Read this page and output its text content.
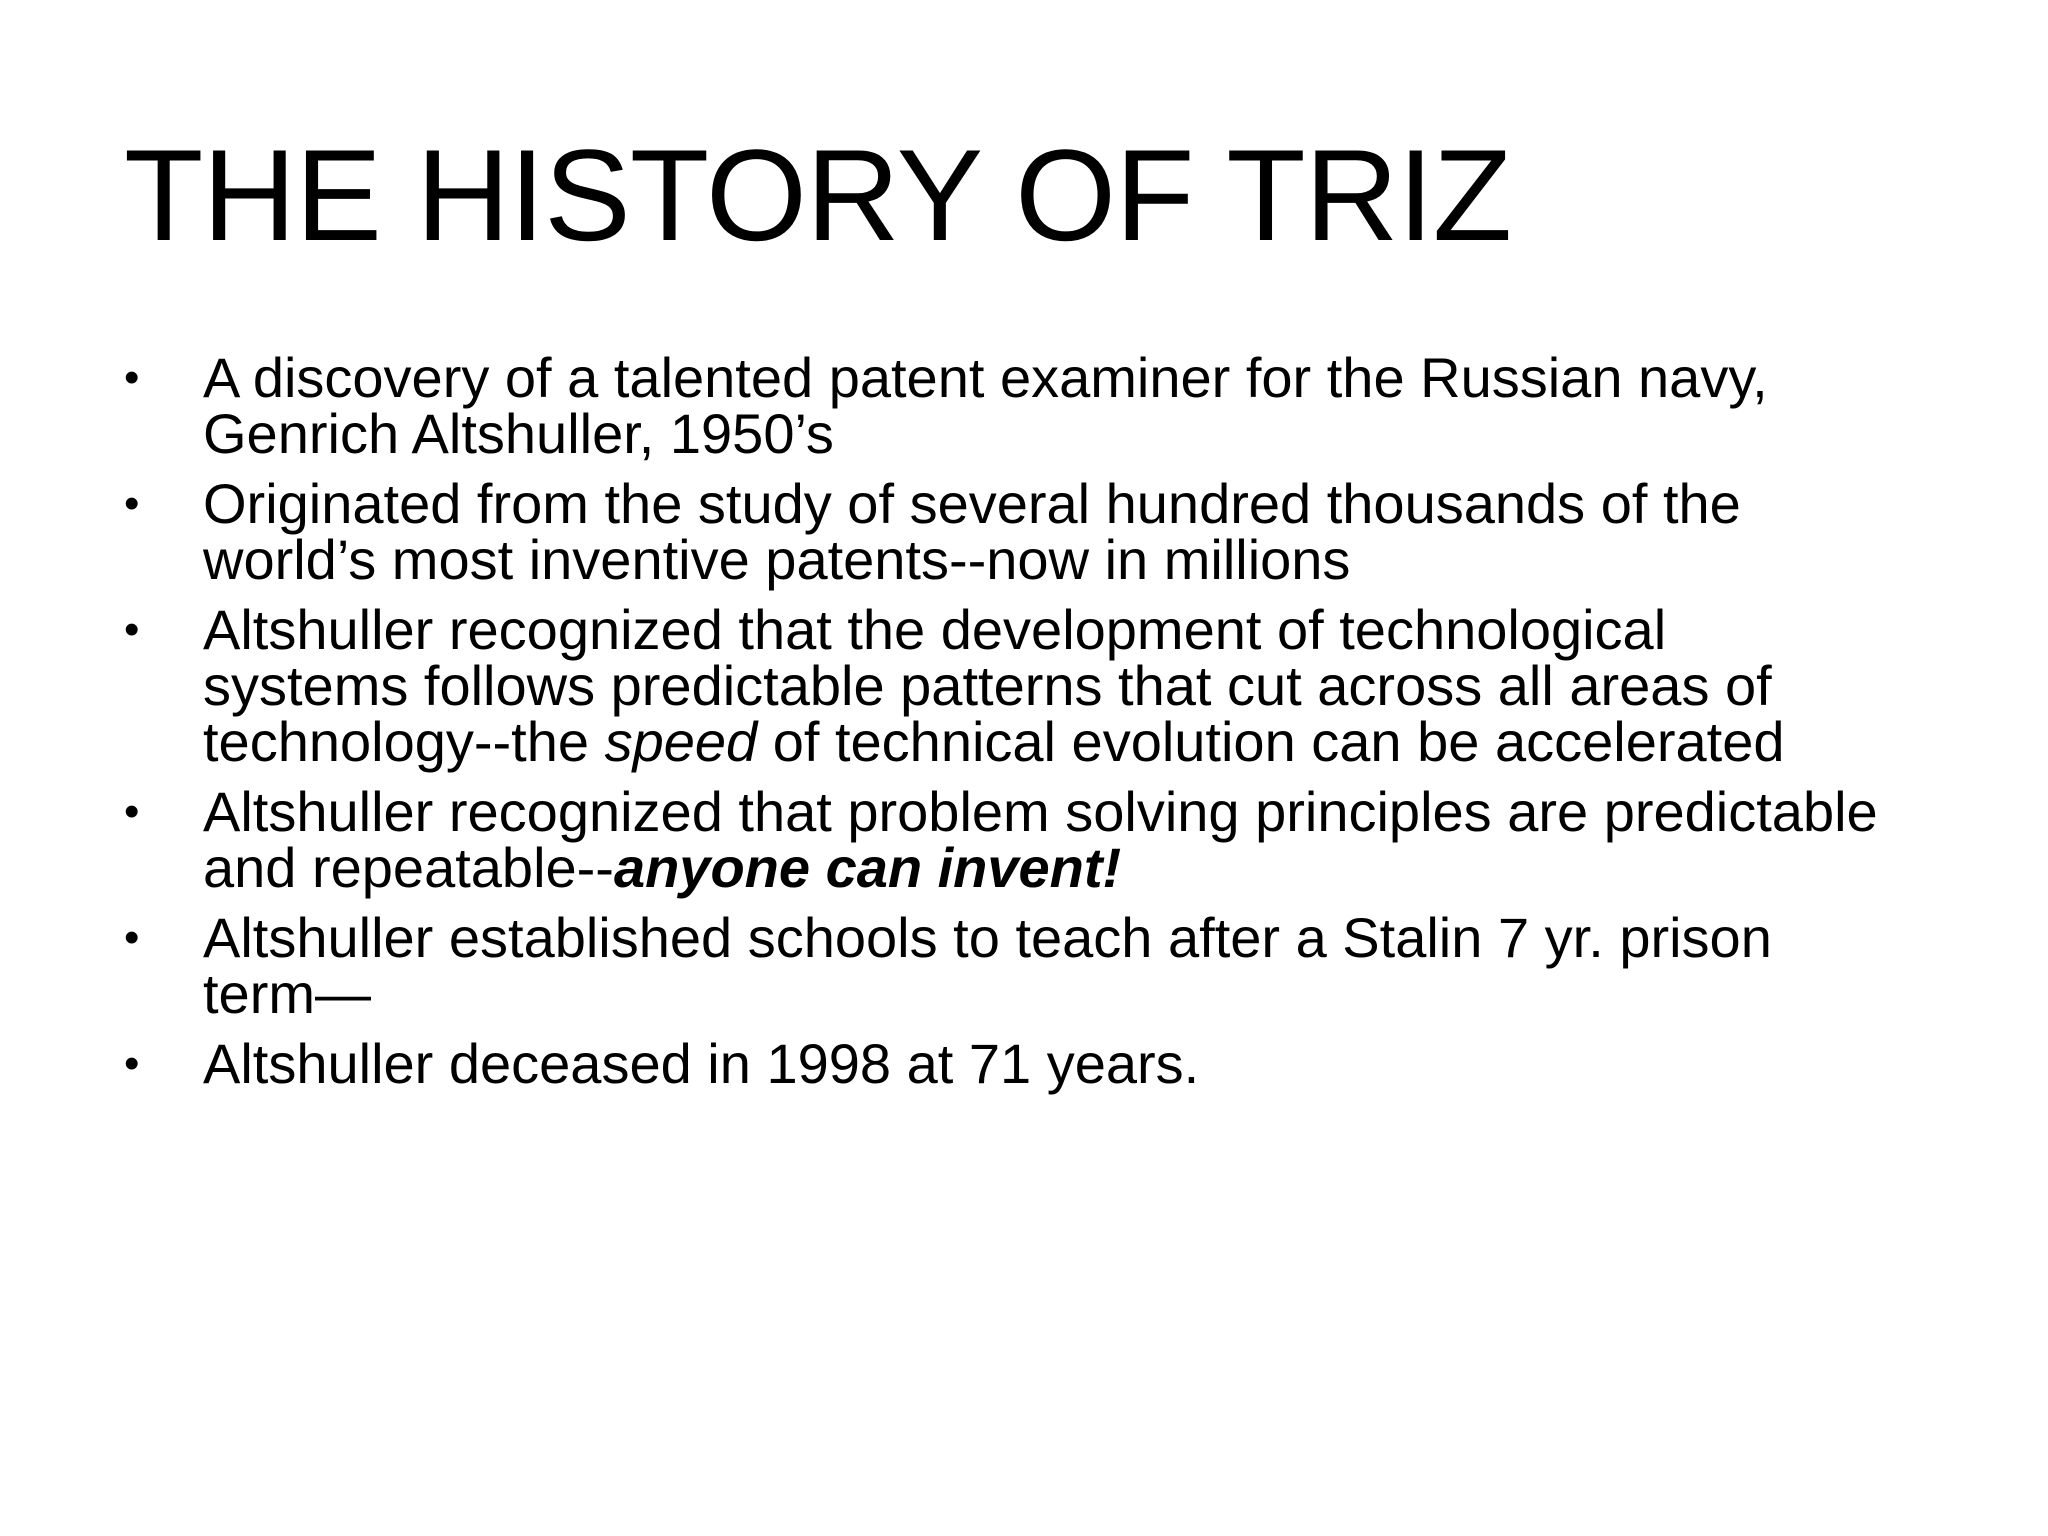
THE HISTORY OF TRIZ
• A discovery of a talented patent examiner for the Russian navy,
Genrich Altshuller, 1950’s
• Originated from the study of several hundred thousands of the
world’s most inventive patents--now in millions
• Altshuller recognized that the development of technological
systems follows predictable patterns that cut across all areas of
technology--the speed of technical evolution can be accelerated
• Altshuller recognized that problem solving principles are predictable
and repeatable--anyone can invent!
• Altshuller established schools to teach after a Stalin 7 yr. prison
term—
• Altshuller deceased in 1998 at 71 years.
